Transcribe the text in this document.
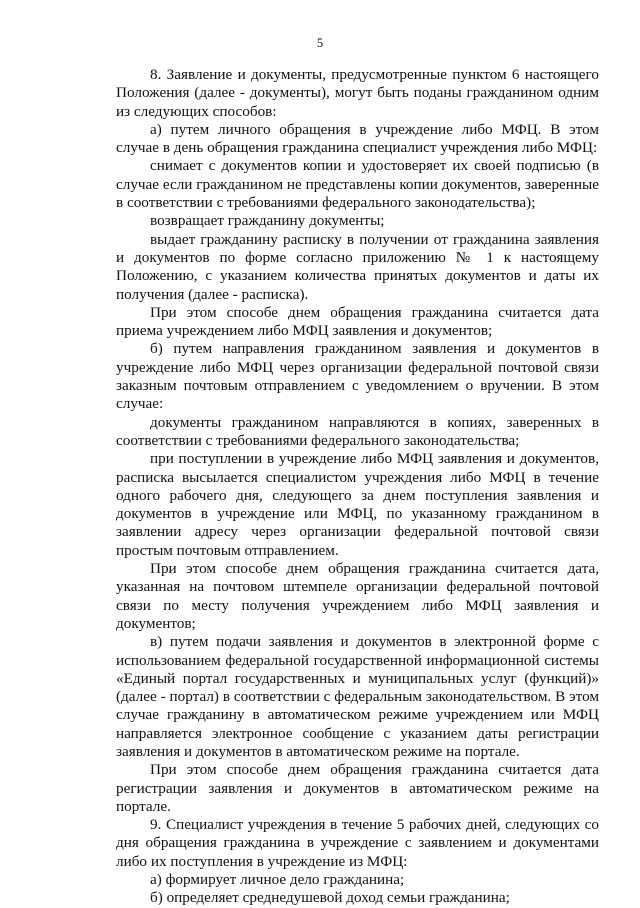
5

8. Заявление и документы, предусмотренные пунктом 6 настоящего Положения (далее - документы), могут быть поданы гражданином одним из следующих способов:

а) путем личного обращения в учреждение либо МФЦ. В этом случае в день обращения гражданина специалист учреждения либо МФЦ:

снимает с документов копии и удостоверяет их своей подписью (в случае если гражданином не представлены копии документов, заверенные в соответствии с требованиями федерального законодательства);

возвращает гражданину документы;

выдает гражданину расписку в получении от гражданина заявления и документов по форме согласно приложению № 1 к настоящему Положению, с указанием количества принятых документов и даты их получения (далее - расписка).

При этом способе днем обращения гражданина считается дата приема учреждением либо МФЦ заявления и документов;

б) путем направления гражданином заявления и документов в учреждение либо МФЦ через организации федеральной почтовой связи заказным почтовым отправлением с уведомлением о вручении. В этом случае:

документы гражданином направляются в копиях, заверенных в соответствии с требованиями федерального законодательства;

при поступлении в учреждение либо МФЦ заявления и документов, расписка высылается специалистом учреждения либо МФЦ в течение одного рабочего дня, следующего за днем поступления заявления и документов в учреждение или МФЦ, по указанному гражданином в заявлении адресу через организации федеральной почтовой связи простым почтовым отправлением.

При этом способе днем обращения гражданина считается дата, указанная на почтовом штемпеле организации федеральной почтовой связи по месту получения учреждением либо МФЦ заявления и документов;

в) путем подачи заявления и документов в электронной форме с использованием федеральной государственной информационной системы «Единый портал государственных и муниципальных услуг (функций)» (далее - портал) в соответствии с федеральным законодательством. В этом случае гражданину в автоматическом режиме учреждением или МФЦ направляется электронное сообщение с указанием даты регистрации заявления и документов в автоматическом режиме на портале.

При этом способе днем обращения гражданина считается дата регистрации заявления и документов в автоматическом режиме на портале.

9. Специалист учреждения в течение 5 рабочих дней, следующих со дня обращения гражданина в учреждение с заявлением и документами либо их поступления в учреждение из МФЦ:

а) формирует личное дело гражданина;

б) определяет среднедушевой доход семьи гражданина;
